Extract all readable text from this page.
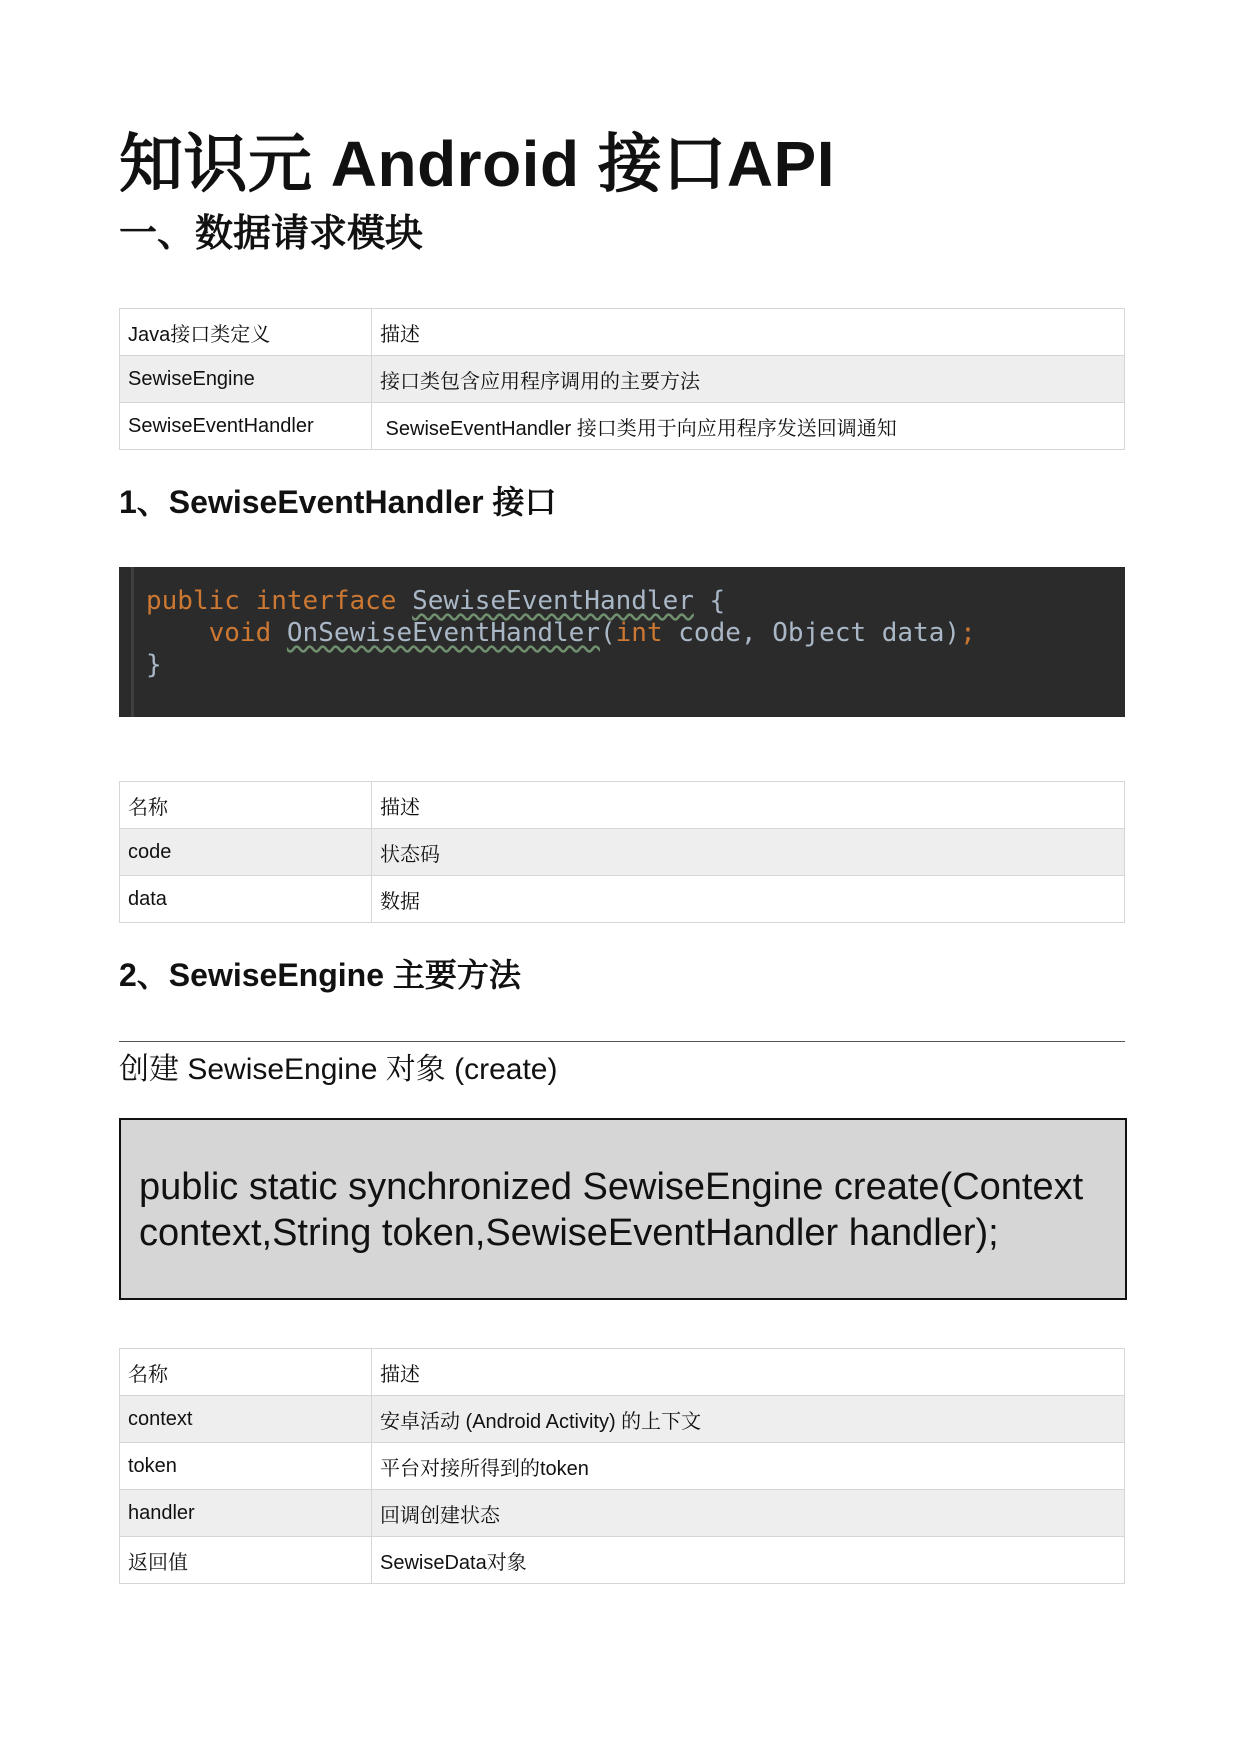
知识元 Android 接口API
一、数据请求模块
Java接口类定义	描述
SewiseEngine	接口类包含应用程序调用的主要方法
SewiseEventHandler	SewiseEventHandler 接口类用于向应用程序发送回调通知
1、SewiseEventHandler 接口
public interface SewiseEventHandler {
void OnSewiseEventHandler(int code, Object data);
}
名称	描述
code	状态码
data	数据
2、SewiseEngine 主要方法

创建 SewiseEngine 对象 (create)

public static synchronized SewiseEngine create(Context
context,String token,SewiseEventHandler handler);
名称	描述
context	安卓活动 (Android Activity) 的上下文
token	平台对接所得到的token
handler	回调创建状态
返回值	SewiseData对象
